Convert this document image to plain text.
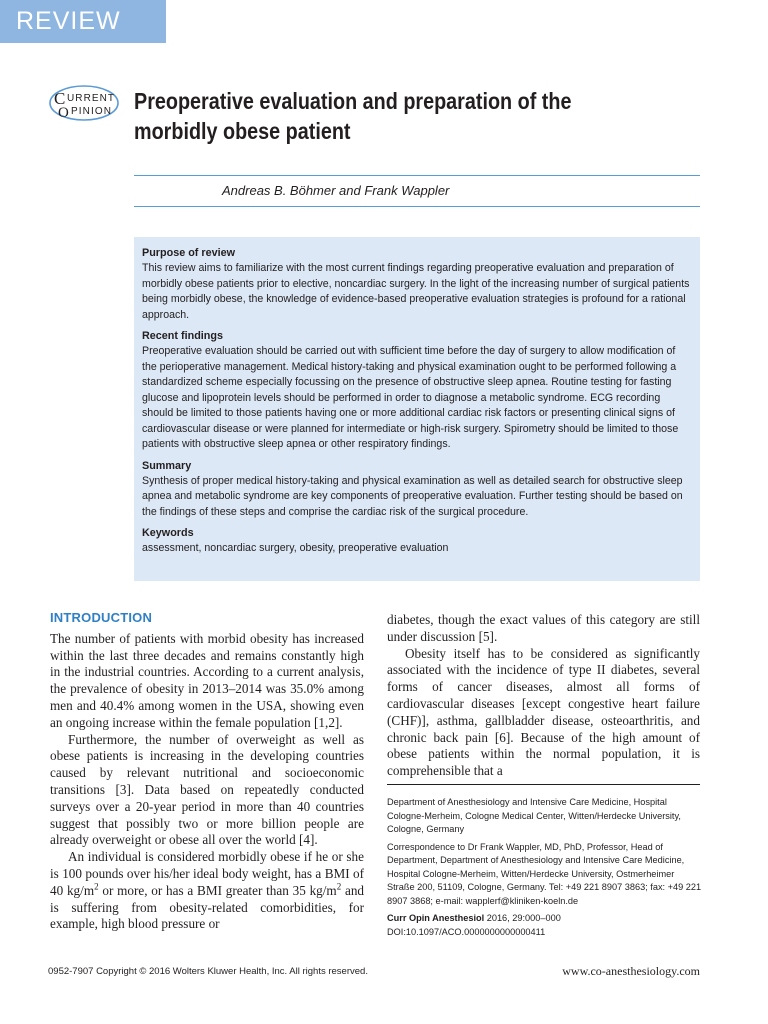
REVIEW
C URRENT
O PINION Preoperative evaluation and preparation of the
morbidly obese patient
Andreas B. Böhmer and Frank Wappler
Purpose of review

This review aims to familiarize with the most current findings regarding preoperative evaluation and preparation of morbidly obese patients prior to elective, noncardiac surgery. In the light of the increasing number of surgical patients being morbidly obese, the knowledge of evidence-based preoperative evaluation strategies is profound for a rational approach.

Recent findings

Preoperative evaluation should be carried out with sufficient time before the day of surgery to allow modification of the perioperative management. Medical history-taking and physical examination ought to be performed following a standardized scheme especially focussing on the presence of obstructive sleep apnea. Routine testing for fasting glucose and lipoprotein levels should be performed in order to diagnose a metabolic syndrome. ECG recording should be limited to those patients having one or more additional cardiac risk factors or presenting clinical signs of cardiovascular disease or were planned for intermediate or high-risk surgery. Spirometry should be limited to those patients with obstructive sleep apnea or other respiratory findings.

Summary

Synthesis of proper medical history-taking and physical examination as well as detailed search for obstructive sleep apnea and metabolic syndrome are key components of preoperative evaluation. Further testing should be based on the findings of these steps and comprise the cardiac risk of the surgical procedure.

Keywords

assessment, noncardiac surgery, obesity, preoperative evaluation

INTRODUCTION

The number of patients with morbid obesity has increased within the last three decades and remains constantly high in the industrial countries. According to a current analysis, the prevalence of obesity in 2013–2014 was 35.0% among men and 40.4% among women in the USA, showing even an ongoing increase within the female population [1,2].

Furthermore, the number of overweight as well as obese patients is increasing in the developing countries caused by relevant nutritional and socioeconomic transitions [3]. Data based on repeatedly conducted surveys over a 20-year period in more than 40 countries suggest that possibly two or more billion people are already overweight or obese all over the world [4].

An individual is considered morbidly obese if he or she is 100 pounds over his/her ideal body weight, has a BMI of 40 $kg/m^2$ or more, or has a BMI greater than 35 $kg/m^2$ and is suffering from obesity-related comorbidities, for example, high blood pressure or

diabetes, though the exact values of this category are still under discussion [5].

Obesity itself has to be considered as significantly associated with the incidence of type II diabetes, several forms of cancer diseases, almost all forms of cardiovascular diseases [except congestive heart failure (CHF)], asthma, gallbladder disease, osteoarthritis, and chronic back pain [6]. Because of the high amount of obese patients within the normal population, it is comprehensible that a

Department of Anesthesiology and Intensive Care Medicine, Hospital Cologne-Merheim, Cologne Medical Center, Witten/Herdecke University, Cologne, Germany

Correspondence to Dr Frank Wappler, MD, PhD, Professor, Head of Department, Department of Anesthesiology and Intensive Care Medicine, Hospital Cologne-Merheim, Witten/Herdecke University, Ostmerheimer Straße 200, 51109, Cologne, Germany. Tel: +49 221 8907 3863; fax: +49 221 8907 3868; e-mail: wapplerf@kliniken-koeln.de

Curr Opin Anesthesiol 2016, 29:000–000

DOI:10.1097/ACO.0000000000000411

0952-7907 Copyright © 2016 Wolters Kluwer Health, Inc. All rights reserved.	www.co-anesthesiology.com
